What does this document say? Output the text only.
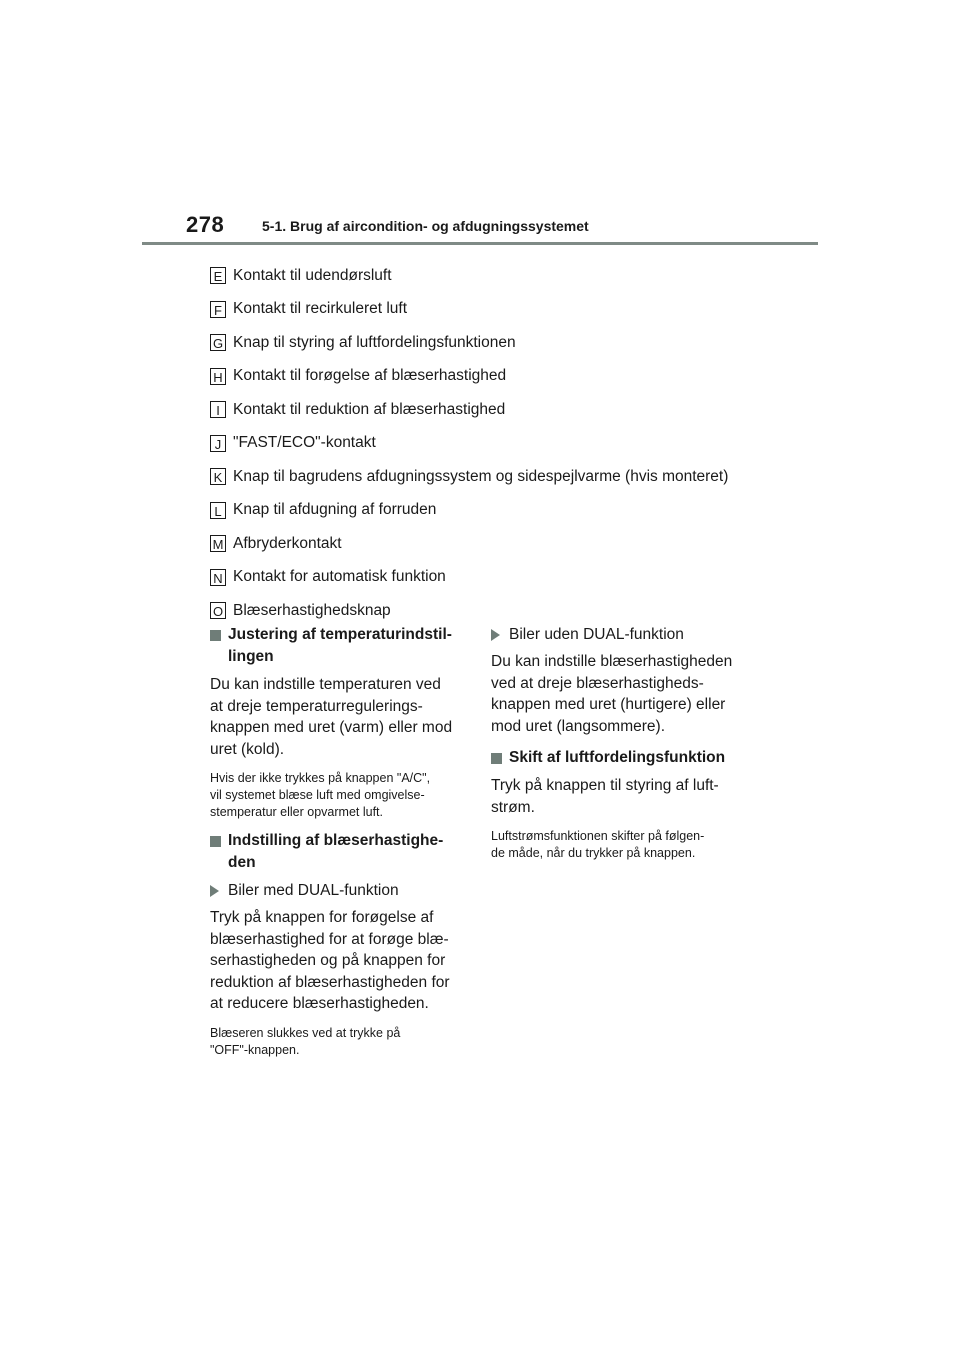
278	5-1. Brug af aircondition- og afdugningssystemet
E Kontakt til udendørsluft
F Kontakt til recirkuleret luft
G Knap til styring af luftfordelingsfunktionen
H Kontakt til forøgelse af blæserhastighed
I Kontakt til reduktion af blæserhastighed
J "FAST/ECO"-kontakt
K Knap til bagrudens afdugningssystem og sidespejlvarme (hvis monteret)
L Knap til afdugning af forruden
M Afbryderkontakt
N Kontakt for automatisk funktion
O Blæserhastighedsknap
Justering af temperaturindstil-
lingen

Du kan indstille temperaturen ved
at dreje temperaturregulerings-
knappen med uret (varm) eller mod
uret (kold).

Hvis der ikke trykkes på knappen "A/C",
vil systemet blæse luft med omgivelse-
stemperatur eller opvarmet luft.

Indstilling af blæserhastighe-
den
Biler med DUAL-funktion

Tryk på knappen for forøgelse af
blæserhastighed for at forøge blæ-
serhastigheden og på knappen for
reduktion af blæserhastigheden for
at reducere blæserhastigheden.

Blæseren slukkes ved at trykke på
"OFF"-knappen.

Biler uden DUAL-funktion

Du kan indstille blæserhastigheden
ved at dreje blæserhastigheds-
knappen med uret (hurtigere) eller
mod uret (langsommere).

Skift af luftfordelingsfunktion

Tryk på knappen til styring af luft-
strøm.

Luftstrømsfunktionen skifter på følgen-
de måde, når du trykker på knappen.
